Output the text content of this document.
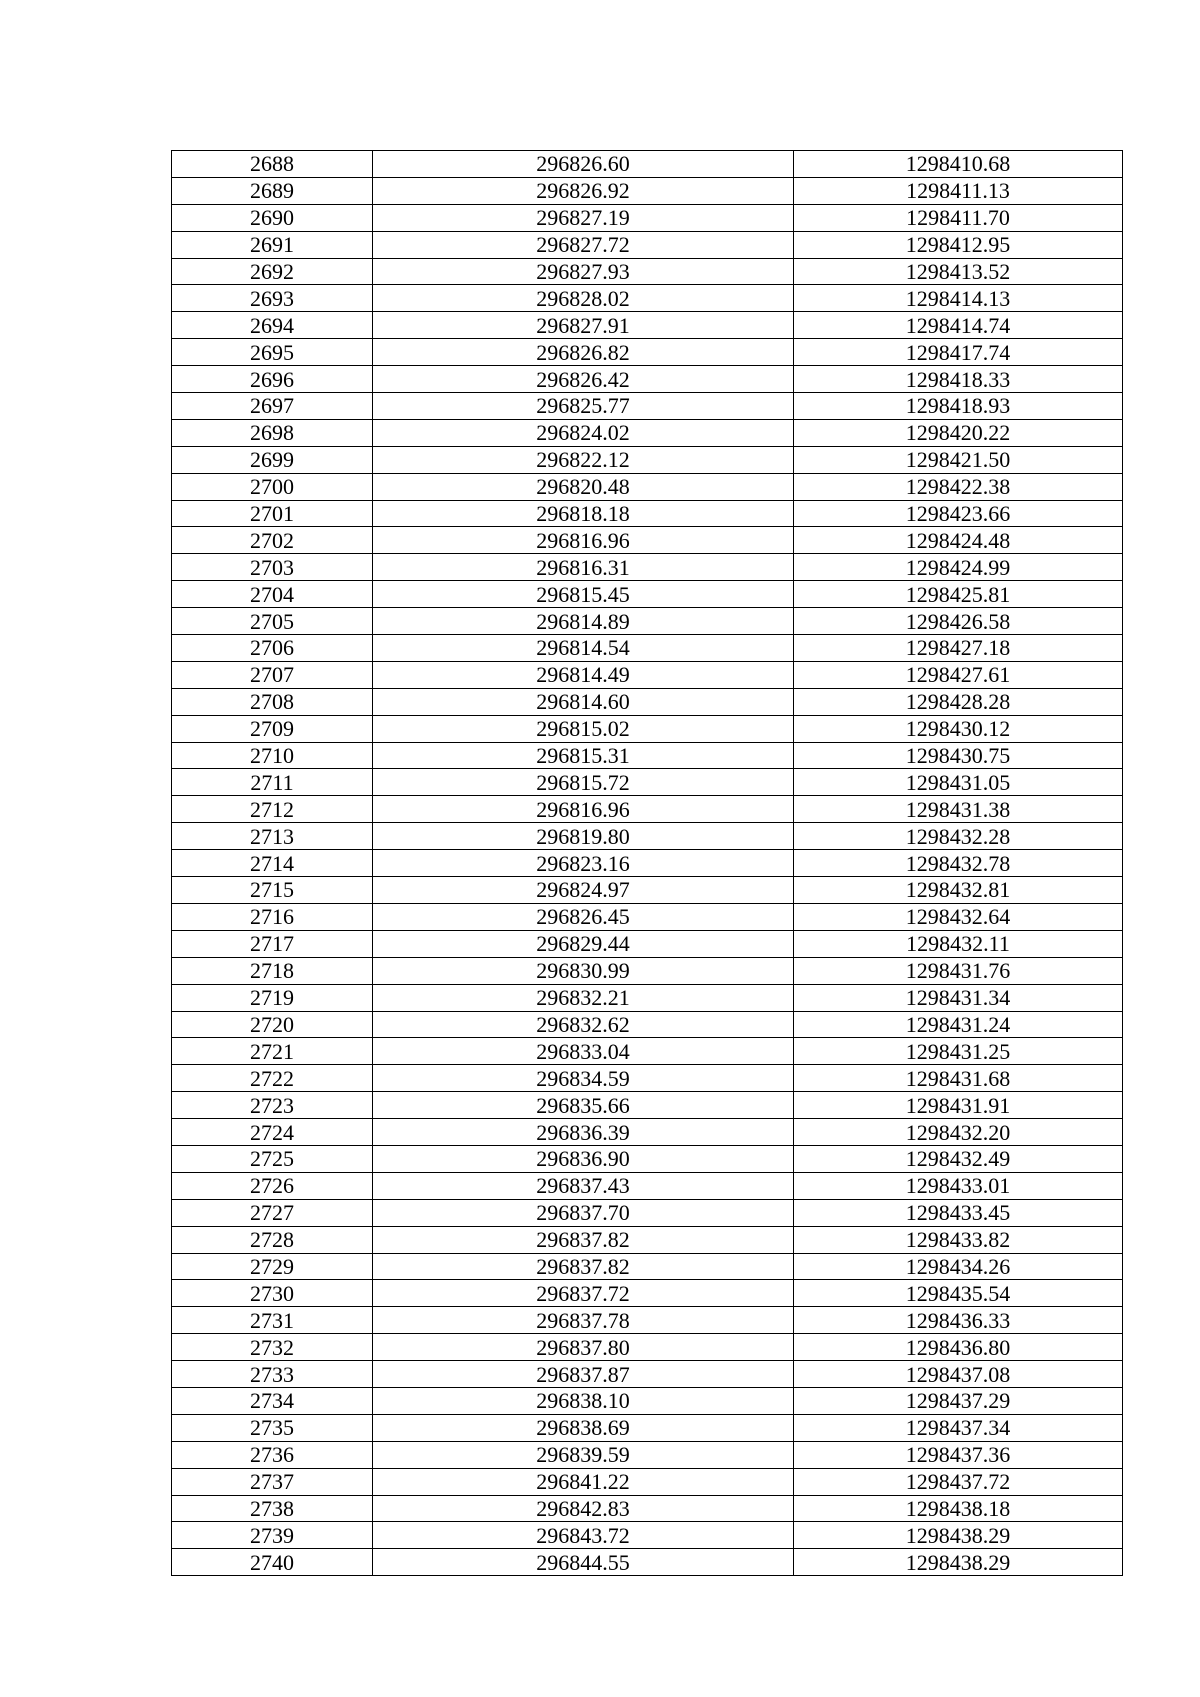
2688	296826.60	1298410.68
2689	296826.92	1298411.13
2690	296827.19	1298411.70
2691	296827.72	1298412.95
2692	296827.93	1298413.52
2693	296828.02	1298414.13
2694	296827.91	1298414.74
2695	296826.82	1298417.74
2696	296826.42	1298418.33
2697	296825.77	1298418.93
2698	296824.02	1298420.22
2699	296822.12	1298421.50
2700	296820.48	1298422.38
2701	296818.18	1298423.66
2702	296816.96	1298424.48
2703	296816.31	1298424.99
2704	296815.45	1298425.81
2705	296814.89	1298426.58
2706	296814.54	1298427.18
2707	296814.49	1298427.61
2708	296814.60	1298428.28
2709	296815.02	1298430.12
2710	296815.31	1298430.75
2711	296815.72	1298431.05
2712	296816.96	1298431.38
2713	296819.80	1298432.28
2714	296823.16	1298432.78
2715	296824.97	1298432.81
2716	296826.45	1298432.64
2717	296829.44	1298432.11
2718	296830.99	1298431.76
2719	296832.21	1298431.34
2720	296832.62	1298431.24
2721	296833.04	1298431.25
2722	296834.59	1298431.68
2723	296835.66	1298431.91
2724	296836.39	1298432.20
2725	296836.90	1298432.49
2726	296837.43	1298433.01
2727	296837.70	1298433.45
2728	296837.82	1298433.82
2729	296837.82	1298434.26
2730	296837.72	1298435.54
2731	296837.78	1298436.33
2732	296837.80	1298436.80
2733	296837.87	1298437.08
2734	296838.10	1298437.29
2735	296838.69	1298437.34
2736	296839.59	1298437.36
2737	296841.22	1298437.72
2738	296842.83	1298438.18
2739	296843.72	1298438.29
2740	296844.55	1298438.29
